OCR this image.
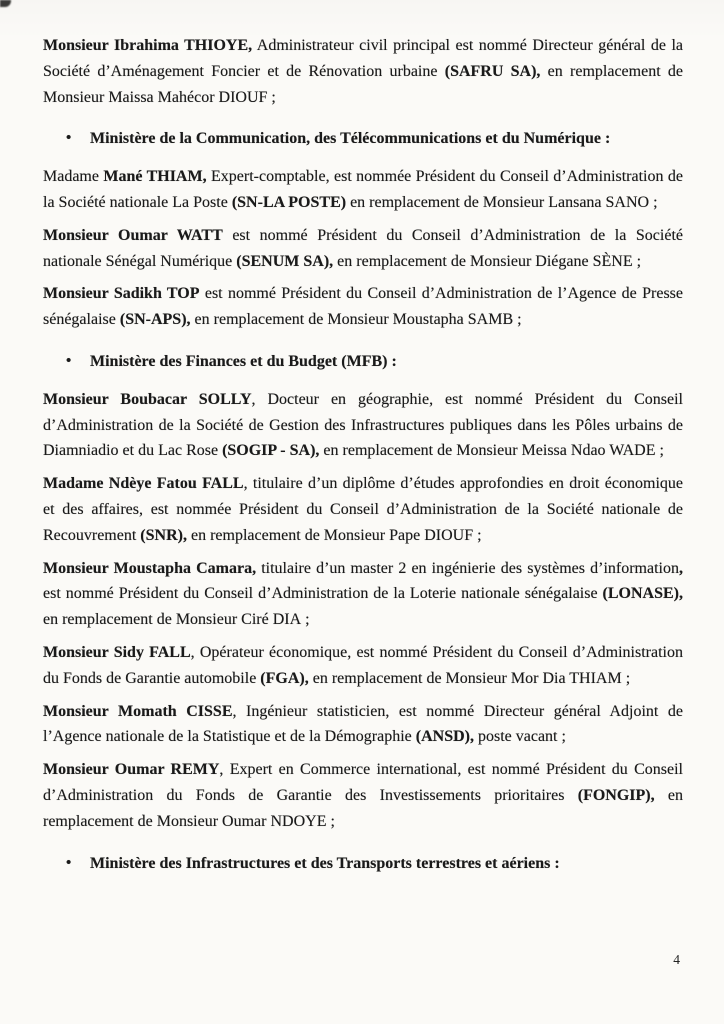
Monsieur Ibrahima THIOYE, Administrateur civil principal est nommé Directeur général de la Société d’Aménagement Foncier et de Rénovation urbaine (SAFRU SA), en remplacement de Monsieur Maissa Mahécor DIOUF ;

•	Ministère de la Communication, des Télécommunications et du Numérique :

Madame Mané THIAM, Expert-comptable, est nommée Président du Conseil d’Administration de la Société nationale La Poste (SN-LA POSTE) en remplacement de Monsieur Lansana SANO ;

Monsieur Oumar WATT est nommé Président du Conseil d’Administration de la Société nationale Sénégal Numérique (SENUM SA), en remplacement de Monsieur Diégane SÈNE ;

Monsieur Sadikh TOP est nommé Président du Conseil d’Administration de l’Agence de Presse sénégalaise (SN-APS), en remplacement de Monsieur Moustapha SAMB ;

•	Ministère des Finances et du Budget (MFB) :

Monsieur Boubacar SOLLY, Docteur en géographie, est nommé Président du Conseil d’Administration de la Société de Gestion des Infrastructures publiques dans les Pôles urbains de Diamniadio et du Lac Rose (SOGIP - SA), en remplacement de Monsieur Meissa Ndao WADE ;

Madame Ndèye Fatou FALL, titulaire d’un diplôme d’études approfondies en droit économique et des affaires, est nommée Président du Conseil d’Administration de la Société nationale de Recouvrement (SNR), en remplacement de Monsieur Pape DIOUF ;

Monsieur Moustapha Camara, titulaire d’un master 2 en ingénierie des systèmes d’information, est nommé Président du Conseil d’Administration de la Loterie nationale sénégalaise (LONASE), en remplacement de Monsieur Ciré DIA ;

Monsieur Sidy FALL, Opérateur économique, est nommé Président du Conseil d’Administration du Fonds de Garantie automobile (FGA), en remplacement de Monsieur Mor Dia THIAM ;

Monsieur Momath CISSE, Ingénieur statisticien, est nommé Directeur général Adjoint de l’Agence nationale de la Statistique et de la Démographie (ANSD), poste vacant ;

Monsieur Oumar REMY, Expert en Commerce international, est nommé Président du Conseil d’Administration du Fonds de Garantie des Investissements prioritaires (FONGIP), en remplacement de Monsieur Oumar NDOYE ;

•	Ministère des Infrastructures et des Transports terrestres et aériens :
4
